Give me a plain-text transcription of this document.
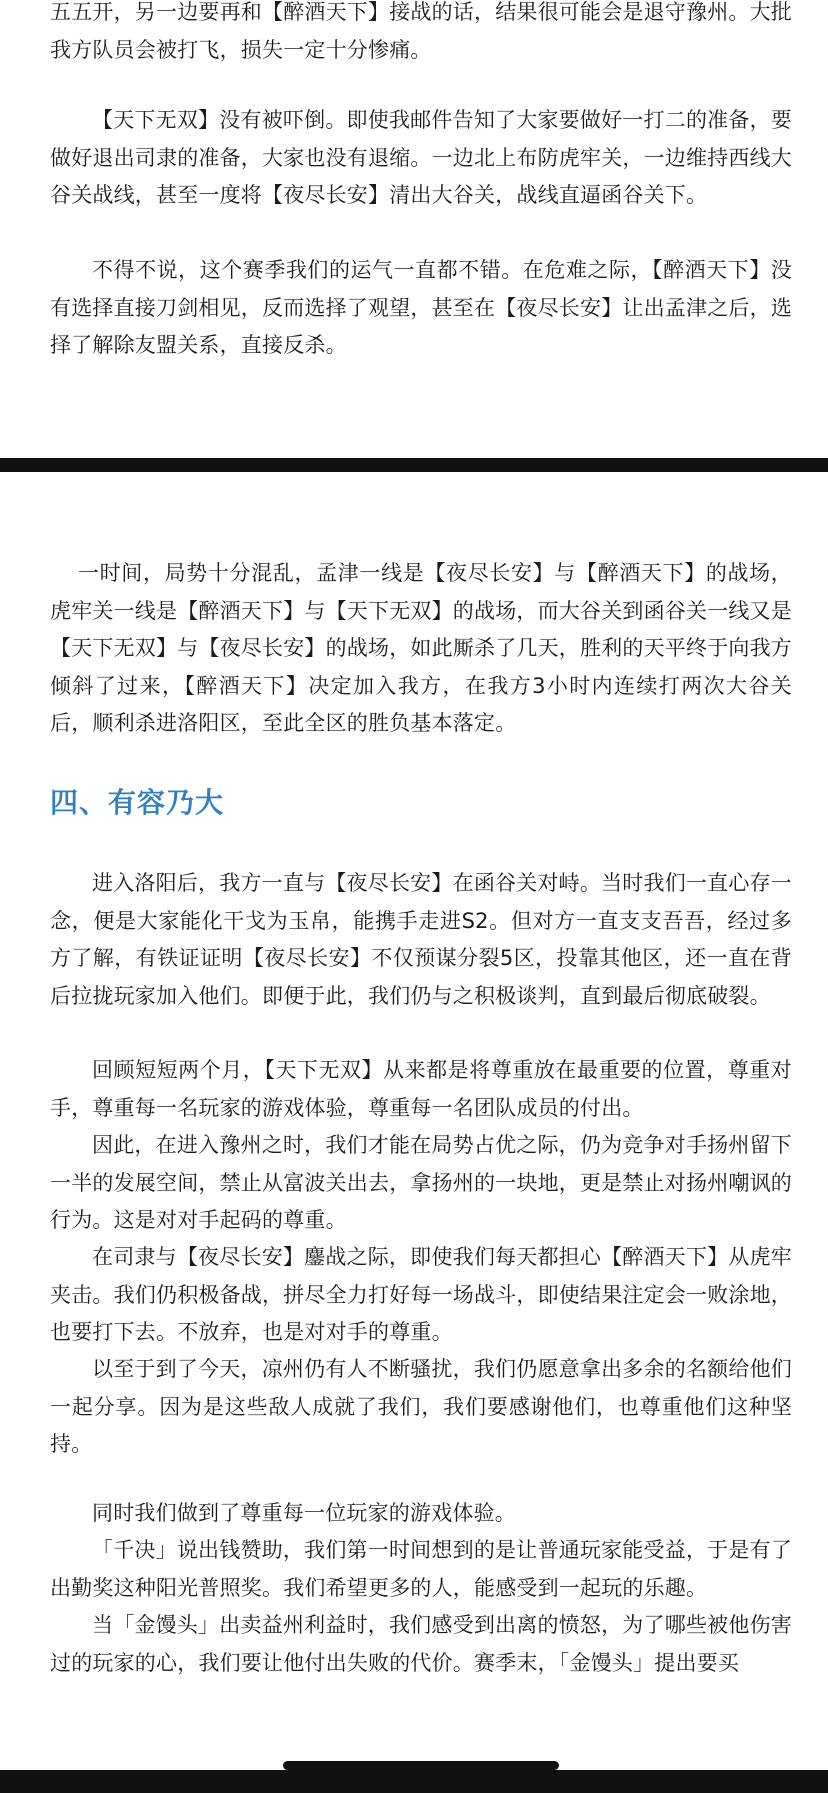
五五开，另一边要再和【醉酒天下】接战的话，结果很可能会是退守豫州。大批我方队员会被打飞，损失一定十分惨痛。

【天下无双】没有被吓倒。即使我邮件告知了大家要做好一打二的准备，要做好退出司隶的准备，大家也没有退缩。一边北上布防虎牢关，一边维持西线大谷关战线，甚至一度将【夜尽长安】清出大谷关，战线直逼函谷关下。

不得不说，这个赛季我们的运气一直都不错。在危难之际，【醉酒天下】没有选择直接刀剑相见，反而选择了观望，甚至在【夜尽长安】让出孟津之后，选择了解除友盟关系，直接反杀。

一时间，局势十分混乱，孟津一线是【夜尽长安】与【醉酒天下】的战场，虎牢关一线是【醉酒天下】与【天下无双】的战场，而大谷关到函谷关一线又是【天下无双】与【夜尽长安】的战场，如此厮杀了几天，胜利的天平终于向我方倾斜了过来，【醉酒天下】决定加入我方，在我方3小时内连续打两次大谷关后，顺利杀进洛阳区，至此全区的胜负基本落定。

四、有容乃大

进入洛阳后，我方一直与【夜尽长安】在函谷关对峙。当时我们一直心存一念，便是大家能化干戈为玉帛，能携手走进S2。但对方一直支支吾吾，经过多方了解，有铁证证明【夜尽长安】不仅预谋分裂5区，投靠其他区，还一直在背后拉拢玩家加入他们。即便于此，我们仍与之积极谈判，直到最后彻底破裂。

回顾短短两个月，【天下无双】从来都是将尊重放在最重要的位置，尊重对手，尊重每一名玩家的游戏体验，尊重每一名团队成员的付出。

因此，在进入豫州之时，我们才能在局势占优之际，仍为竞争对手扬州留下一半的发展空间，禁止从富波关出去，拿扬州的一块地，更是禁止对扬州嘲讽的行为。这是对对手起码的尊重。

在司隶与【夜尽长安】鏖战之际，即使我们每天都担心【醉酒天下】从虎牢夹击。我们仍积极备战，拼尽全力打好每一场战斗，即使结果注定会一败涂地，也要打下去。不放弃，也是对对手的尊重。

以至于到了今天，凉州仍有人不断骚扰，我们仍愿意拿出多余的名额给他们一起分享。因为是这些敌人成就了我们，我们要感谢他们，也尊重他们这种坚持。

同时我们做到了尊重每一位玩家的游戏体验。

「千决」说出钱赞助，我们第一时间想到的是让普通玩家能受益，于是有了出勤奖这种阳光普照奖。我们希望更多的人，能感受到一起玩的乐趣。

当「金馒头」出卖益州利益时，我们感受到出离的愤怒，为了哪些被他伤害过的玩家的心，我们要让他付出失败的代价。赛季末，「金馒头」提出要买
